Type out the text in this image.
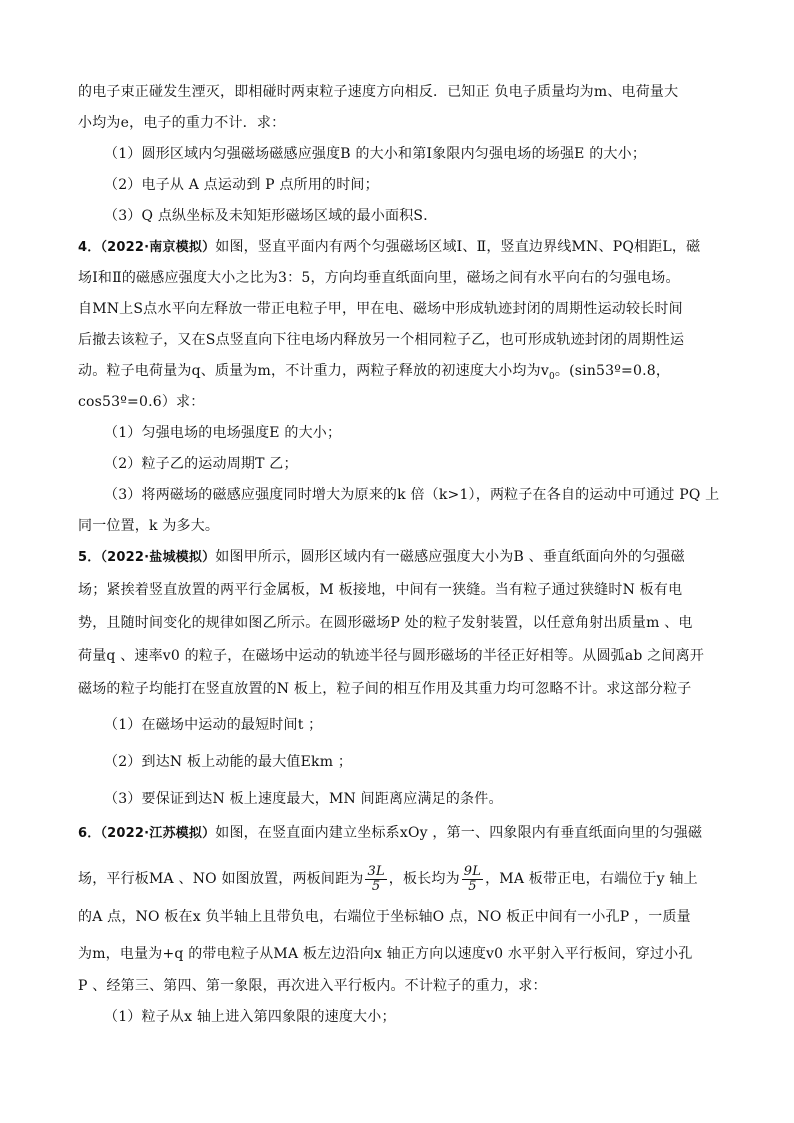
的电子束正碰发生湮灭，即相碰时两束粒子速度方向相反．已知正 负电子质量均为m、电荷量大
小均为e，电子的重力不计．求：
（1）圆形区域内匀强磁场磁感应强度B 的大小和第Ⅰ象限内匀强电场的场强E 的大小；
（2）电子从 A 点运动到 P 点所用的时间；
（3）Q 点纵坐标及未知矩形磁场区域的最小面积S．
4．（2022·南京模拟）如图，竖直平面内有两个匀强磁场区域Ⅰ、Ⅱ，竖直边界线MN、PQ相距L，磁
场Ⅰ和Ⅱ的磁感应强度大小之比为3：5，方向均垂直纸面向里，磁场之间有水平向右的匀强电场。
自MN上S点水平向左释放一带正电粒子甲，甲在电、磁场中形成轨迹封闭的周期性运动较长时间
后撤去该粒子，又在S点竖直向下往电场内释放另一个相同粒子乙，也可形成轨迹封闭的周期性运
动。粒子电荷量为q、质量为m，不计重力，两粒子释放的初速度大小均为$v_0$。(sin53º=0.8，
cos53º=0.6）求：
（1）匀强电场的电场强度E 的大小；
（2）粒子乙的运动周期T 乙；
（3）将两磁场的磁感应强度同时增大为原来的k 倍（k>1），两粒子在各自的运动中可通过 PQ 上
同一位置，k 为多大。
5．（2022·盐城模拟）如图甲所示，圆形区域内有一磁感应强度大小为B 、垂直纸面向外的匀强磁
场；紧挨着竖直放置的两平行金属板，M 板接地，中间有一狭缝。当有粒子通过狭缝时N 板有电
势，且随时间变化的规律如图乙所示。在圆形磁场P 处的粒子发射装置，以任意角射出质量m 、电
荷量q 、速率v0 的粒子，在磁场中运动的轨迹半径与圆形磁场的半径正好相等。从圆弧ab 之间离开
磁场的粒子均能打在竖直放置的N 板上，粒子间的相互作用及其重力均可忽略不计。求这部分粒子
（1）在磁场中运动的最短时间t ；
（2）到达N 板上动能的最大值Ekm ；
（3）要保证到达N 板上速度最大，MN 间距离应满足的条件。
6．（2022·江苏模拟）如图，在竖直面内建立坐标系xOy ，第一、四象限内有垂直纸面向里的匀强磁
场，平行板MA 、NO 如图放置，两板间距为 $\frac{3L}{5}$ ，板长均为 $\frac{9L}{5}$ ，MA 板带正电，右端位于y 轴上
的A 点，NO 板在x 负半轴上且带负电，右端位于坐标轴O 点，NO 板正中间有一小孔P ，一质量
为m，电量为+q 的带电粒子从MA 板左边沿向x 轴正方向以速度v0 水平射入平行板间，穿过小孔
P 、经第三、第四、第一象限，再次进入平行板内。不计粒子的重力，求：
（1）粒子从x 轴上进入第四象限的速度大小；
